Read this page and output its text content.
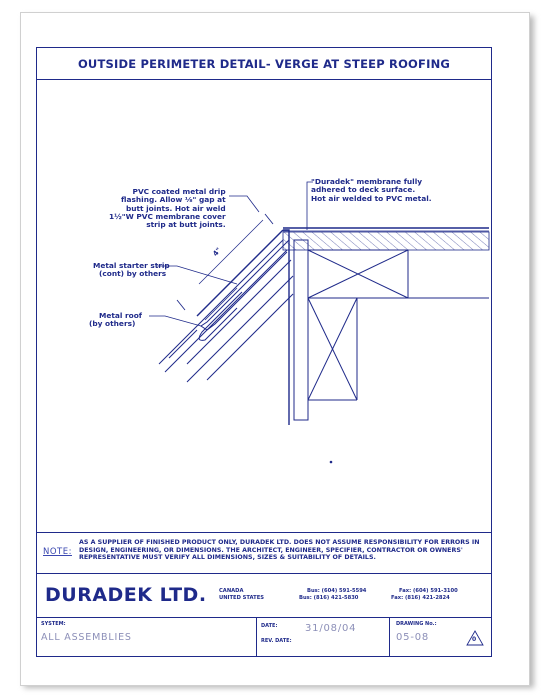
OUTSIDE PERIMETER DETAIL- VERGE AT STEEP ROOFING
PVC coated metal drip
flashing. Allow ⅛" gap at
butt joints. Hot air weld
1½"W PVC membrane cover
strip at butt joints.
Metal starter strip
(cont) by others
Metal roof
(by others)
"Duradek" membrane fully
adhered to deck surface.
Hot air welded to PVC metal.
4"
NOTE:
AS A SUPPLIER OF FINISHED PRODUCT ONLY, DURADEK LTD. DOES NOT ASSUME RESPONSIBILITY FOR ERRORS IN DESIGN, ENGINEERING, OR DIMENSIONS. THE ARCHITECT, ENGINEER, SPECIFIER, CONTRACTOR OR OWNERS' REPRESENTATIVE MUST VERIFY ALL DIMENSIONS, SIZES & SUITABILITY OF DETAILS.
DURADEK LTD. CANADA
UNITED STATES
Bus: (604) 591-5594
Bus: (816) 421-5830
Fax: (604) 591-3100
Fax: (816) 421-2824
SYSTEM:
ALL ASSEMBLIES
DATE:
REV. DATE:
31/08/04	DRAWING No.:
05-08	0
